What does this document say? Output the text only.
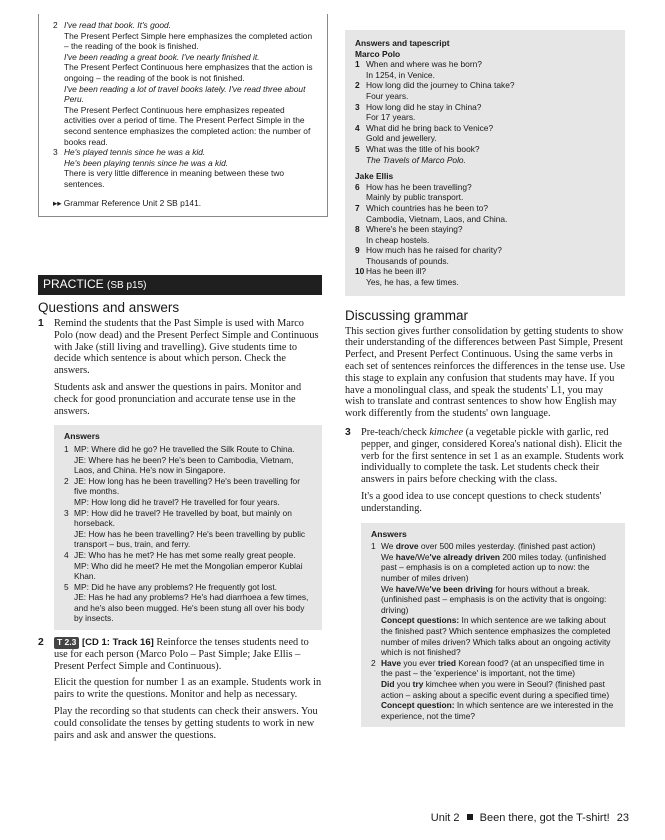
2 I've read that book. It's good.

The Present Perfect Simple here emphasizes the completed action – the reading of the book is finished.

I've been reading a great book. I've nearly finished it.

The Present Perfect Continuous here emphasizes that the action is ongoing – the reading of the book is not finished.

I've been reading a lot of travel books lately. I've read three about Peru.

The Present Perfect Continuous here emphasizes repeated activities over a period of time. The Present Perfect Simple in the second sentence emphasizes the completed action: the number of books read.

3 He's played tennis since he was a kid.

He's been playing tennis since he was a kid.

There is very little difference in meaning between these two sentences.

▸▸ Grammar Reference Unit 2 SB p141.

PRACTICE (SB p15)
Questions and answers
1 Remind the students that the Past Simple is used with Marco Polo (now dead) and the Present Perfect Simple and Continuous with Jake (still living and travelling). Give students time to decide which sentence is about which person. Check the answers.

Students ask and answer the questions in pairs. Monitor and check for good pronunciation and accurate tense use in the answers.

Answers
1 MP: Where did he go? He travelled the Silk Route to China.

JE: Where has he been? He's been to Cambodia, Vietnam, Laos, and China. He's now in Singapore.

2 JE: How long has he been travelling? He's been travelling for five months.

MP: How long did he travel? He travelled for four years.

3 MP: How did he travel? He travelled by boat, but mainly on horseback.

JE: How has he been travelling? He's been travelling by public transport – bus, train, and ferry.

4 JE: Who has he met? He has met some really great people.

MP: Who did he meet? He met the Mongolian emperor Kublai Khan.

5 MP: Did he have any problems? He frequently got lost.

JE: Has he had any problems? He's had diarrhoea a few times, and he's also been mugged. He's been stung all over his body by insects.

2	T 2.3 [CD 1: Track 16] Reinforce the tenses students need to use for each person (Marco Polo – Past Simple; Jake Ellis – Present Perfect Simple and Continuous).

Elicit the question for number 1 as an example. Students work in pairs to write the questions. Monitor and help as necessary.

Play the recording so that students can check their answers. You could consolidate the tenses by getting students to work in new pairs and ask and answer the questions.

Answers and tapescript
Marco Polo
1 When and where was he born?

In 1254, in Venice.

2 How long did the journey to China take?

Four years.

3 How long did he stay in China?

For 17 years.

4 What did he bring back to Venice?

Gold and jewellery.

5 What was the title of his book?

The Travels of Marco Polo.

Jake Ellis
6 How has he been travelling?

Mainly by public transport.

7 Which countries has he been to?

Cambodia, Vietnam, Laos, and China.

8 Where's he been staying?

In cheap hostels.

9 How much has he raised for charity?

Thousands of pounds.

10 Has he been ill?

Yes, he has, a few times.

Discussing grammar

This section gives further consolidation by getting students to show their understanding of the differences between Past Simple, Present Perfect, and Present Perfect Continuous. Using the same verbs in each set of sentences reinforces the differences in the tense use. Use this stage to explain any confusion that students may have. If you have a monolingual class, and speak the students' L1, you may wish to translate and contrast sentences to show how English may work differently from the students' own language.

3 Pre-teach/check kimchee (a vegetable pickle with garlic, red pepper, and ginger, considered Korea's national dish). Elicit the verb for the first sentence in set 1 as an example. Students work individually to complete the task. Let students check their answers in pairs before checking with the class.

It's a good idea to use concept questions to check students' understanding.

Answers
1 We drove over 500 miles yesterday. (finished past action)

We have/We've already driven 200 miles today. (unfinished past – emphasis is on a completed action up to now: the number of miles driven)

We have/We've been driving for hours without a break. (unfinished past – emphasis is on the activity that is ongoing: driving)

Concept questions: In which sentence are we talking about the finished past? Which sentence emphasizes the completed number of miles driven? Which talks about an ongoing activity which is not finished?

2 Have you ever tried Korean food? (at an unspecified time in the past – the 'experience' is important, not the time)

Did you try kimchee when you were in Seoul? (finished past action – asking about a specific event during a specified time)

Concept question: In which sentence are we interested in the experience, not the time?

Unit 2 Been there, got the T-shirt! 23
